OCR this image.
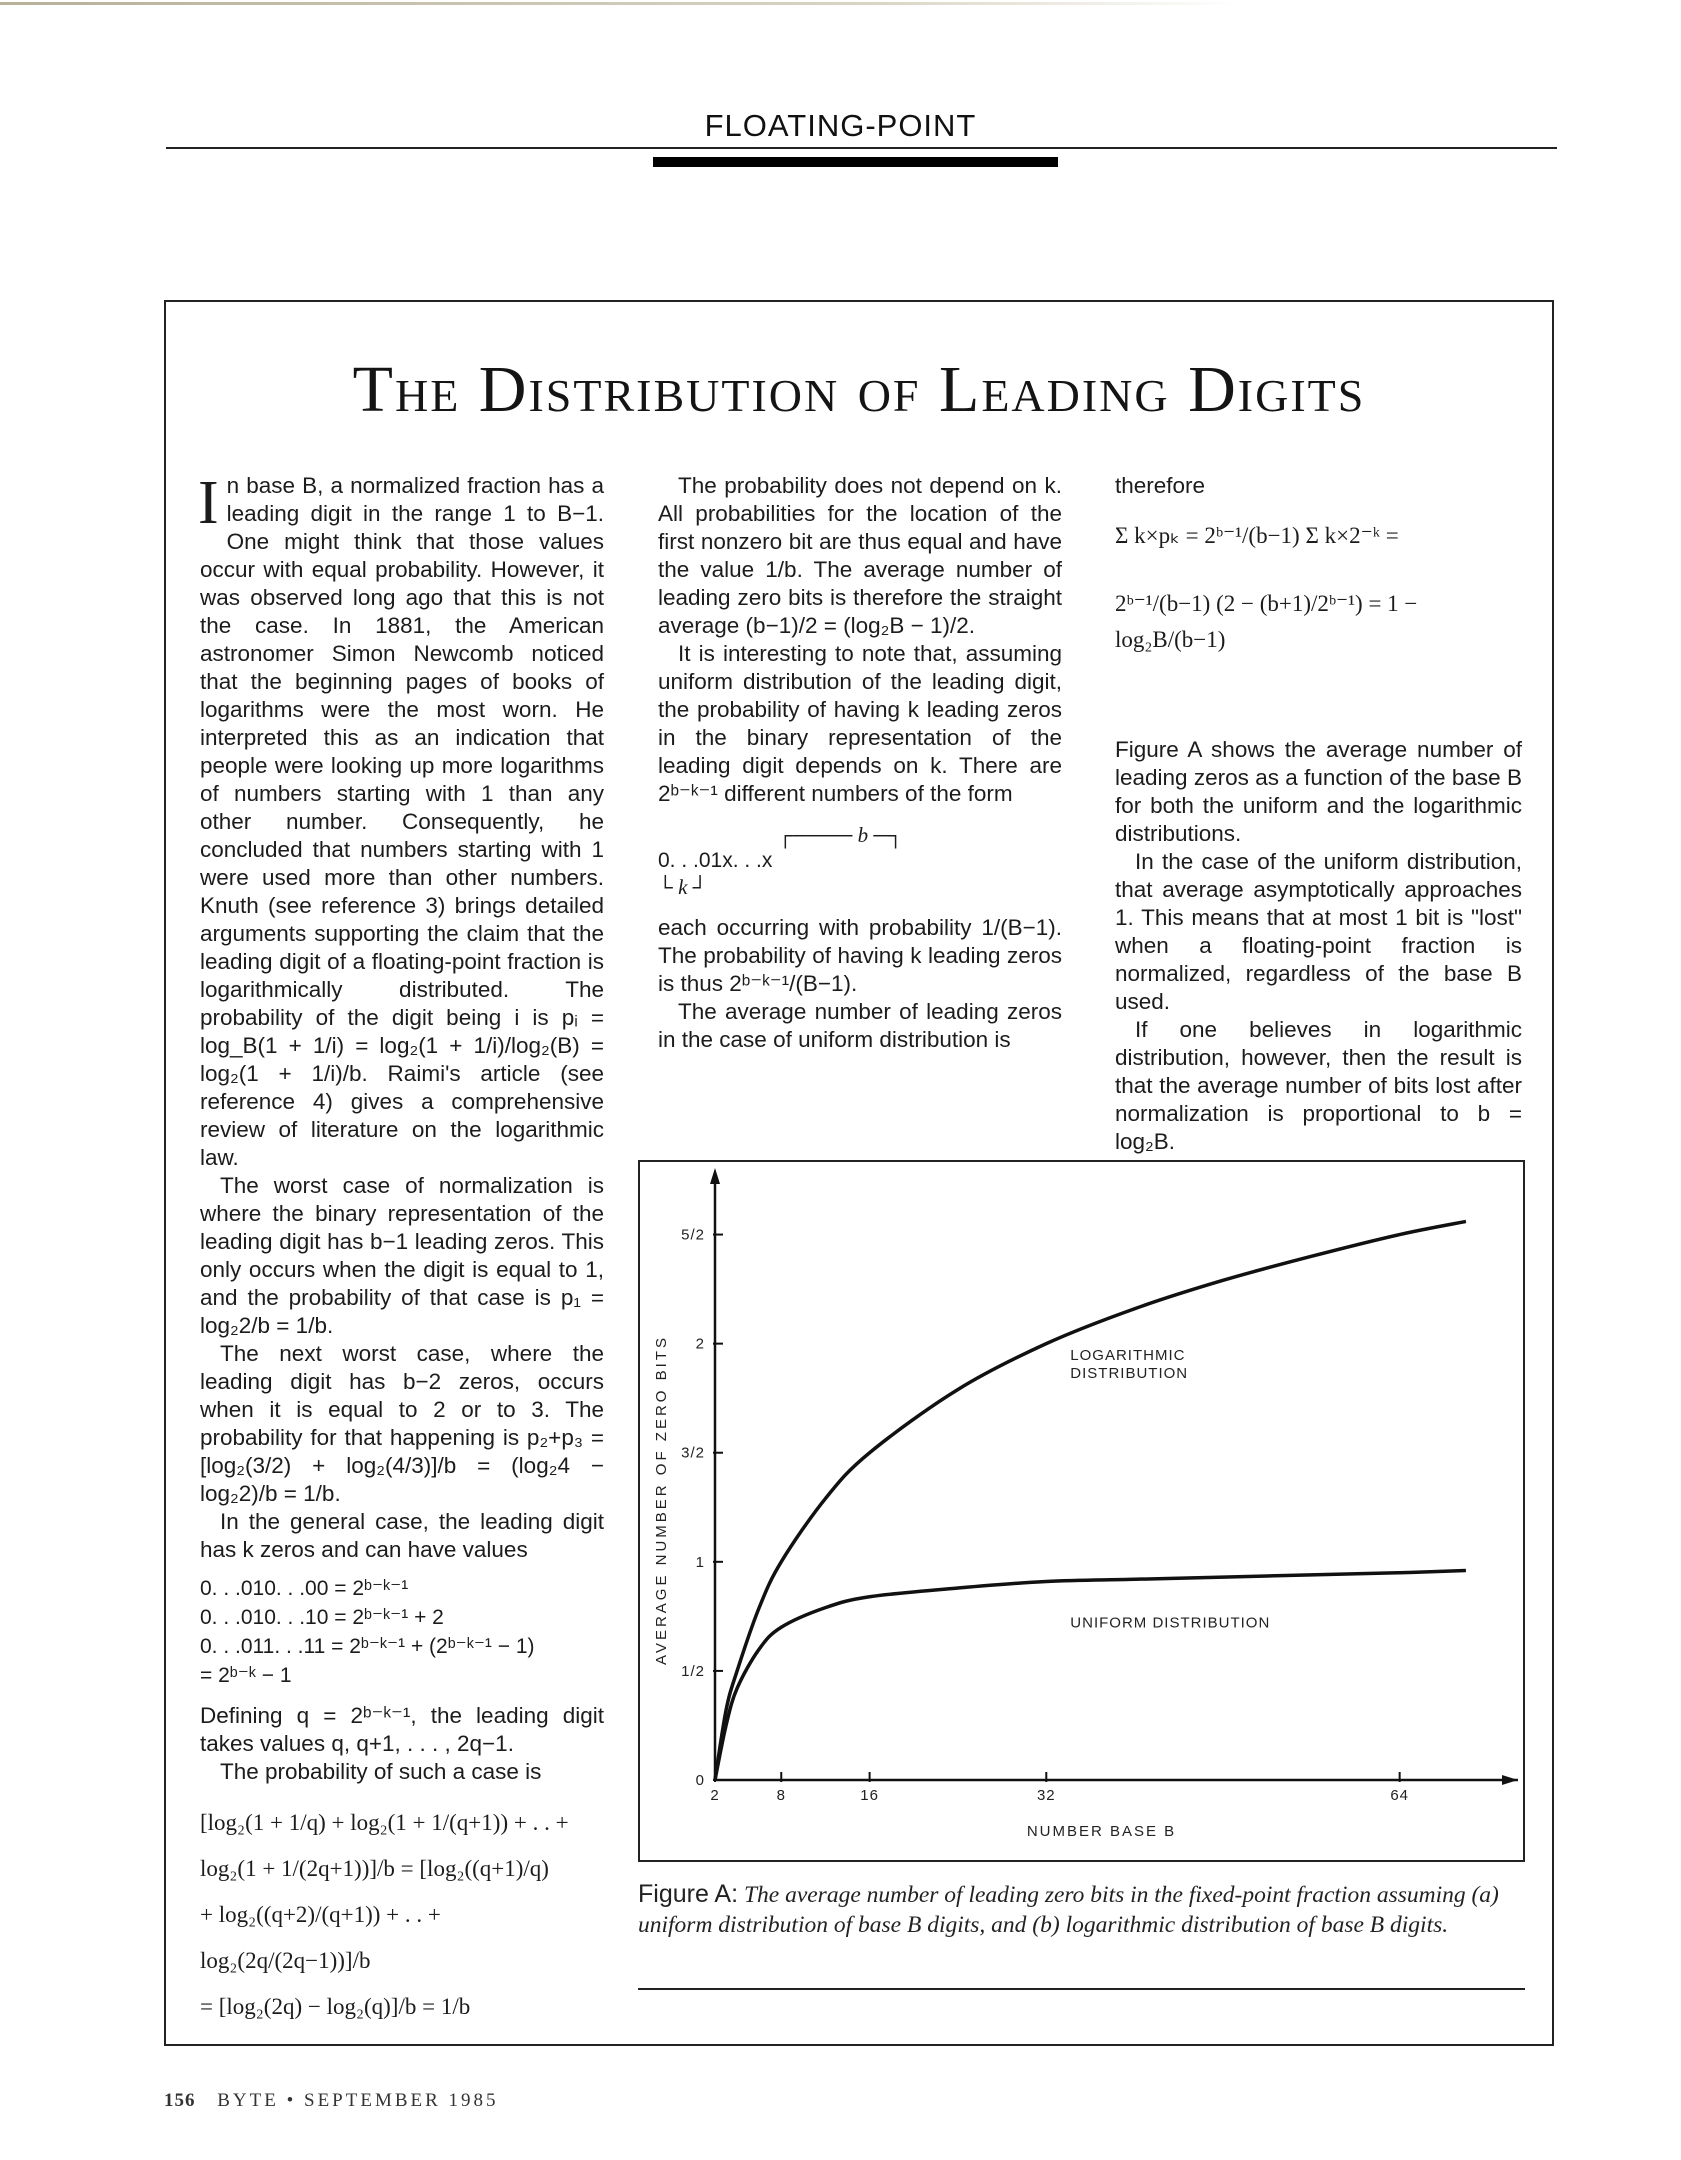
FLOATING-POINT
The Distribution of Leading Digits

In base B, a normalized fraction has a leading digit in the range 1 to B−1. One might think that those values occur with equal probability. However, it was observed long ago that this is not the case. In 1881, the American astronomer Simon Newcomb noticed that the beginning pages of books of logarithms were the most worn. He interpreted this as an indication that people were looking up more logarithms of numbers starting with 1 than any other number. Consequently, he concluded that numbers starting with 1 were used more than other numbers. Knuth (see reference 3) brings detailed arguments supporting the claim that the leading digit of a floating-point fraction is logarithmically distributed. The probability of the digit being i is pᵢ = log_B(1 + 1/i) = log₂(1 + 1/i)/log₂(B) = log₂(1 + 1/i)/b. Raimi's article (see reference 4) gives a comprehensive review of literature on the logarithmic law.

The worst case of normalization is where the binary representation of the leading digit has b−1 leading zeros. This only occurs when the digit is equal to 1, and the probability of that case is p₁ = log₂2/b = 1/b.

The next worst case, where the leading digit has b−2 zeros, occurs when it is equal to 2 or to 3. The probability for that happening is p₂+p₃ = [log₂(3/2) + log₂(4/3)]/b = (log₂4 − log₂2)/b = 1/b.

In the general case, the leading digit has k zeros and can have values

0. . .010. . .00 = 2ᵇ⁻ᵏ⁻¹
0. . .010. . .10 = 2ᵇ⁻ᵏ⁻¹ + 2
0. . .011. . .11 = 2ᵇ⁻ᵏ⁻¹ + (2ᵇ⁻ᵏ⁻¹ − 1)
= 2ᵇ⁻ᵏ − 1

Defining q = 2ᵇ⁻ᵏ⁻¹, the leading digit takes values q, q+1, . . . , 2q−1.

The probability of such a case is

[log₂(1 + 1/q) + log₂(1 + 1/(q+1)) + . . +
log₂(1 + 1/(2q+1))]/b = [log₂((q+1)/q)
+ log₂((q+2)/(q+1)) + . . + log₂(2q/(2q−1))]/b
= [log₂(2q) − log₂(q)]/b = 1/b

The probability does not depend on k. All probabilities for the location of the first nonzero bit are thus equal and have the value 1/b. The average number of leading zero bits is therefore the straight average (b−1)/2 = (log₂B − 1)/2.

It is interesting to note that, assuming uniform distribution of the leading digit, the probability of having k leading zeros in the binary representation of the leading digit depends on k. There are 2ᵇ⁻ᵏ⁻¹ different numbers of the form

┌──── b ─┐
0. . .01x. . .x
└ k ┘

each occurring with probability 1/(B−1). The probability of having k leading zeros is thus 2ᵇ⁻ᵏ⁻¹/(B−1).

The average number of leading zeros in the case of uniform distribution is

therefore

Σ k×pₖ = 2ᵇ⁻¹/(b−1) Σ k×2⁻ᵏ =
2ᵇ⁻¹/(b−1) (2 − (b+1)/2ᵇ⁻¹) = 1 − log₂B/(b−1)

Figure A shows the average number of leading zeros as a function of the base B for both the uniform and the logarithmic distributions.

In the case of the uniform distribution, that average asymptotically approaches 1. This means that at most 1 bit is "lost" when a floating-point fraction is normalized, regardless of the base B used.

If one believes in logarithmic distribution, however, then the result is that the average number of bits lost after normalization is proportional to b = log₂B.

0
1/2
1
3/2
2
5/2
2	8	16	32	64
NUMBER BASE B
AVERAGE NUMBER OF ZERO BITS	LOGARITHMIC
DISTRIBUTION
UNIFORM DISTRIBUTION
Figure A: The average number of leading zero bits in the fixed-point fraction assuming (a) uniform distribution of base B digits, and (b) logarithmic distribution of base B digits.
156 BYTE • SEPTEMBER 1985
